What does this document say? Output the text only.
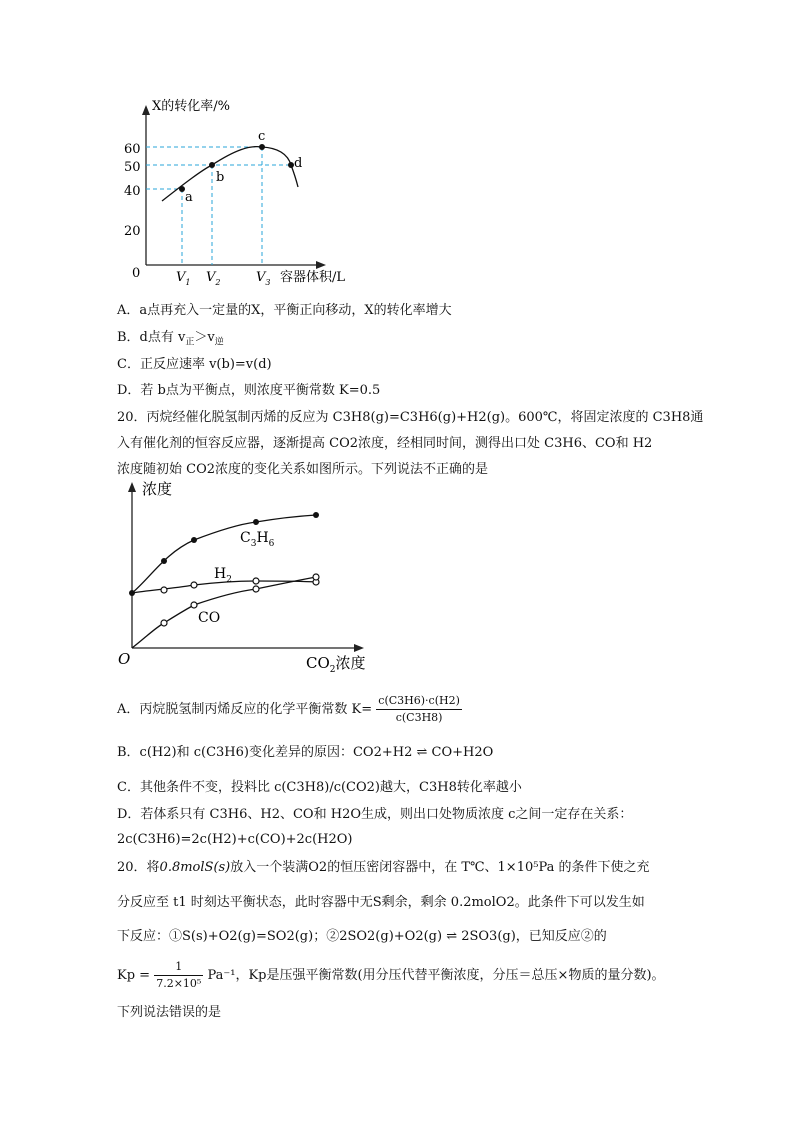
X的转化率/%
0
60
50
40
20
a
b
c
d
$V_1$ $V_2$	$V_3$ 容器体积/L
A．a点再充入一定量的X，平衡正向移动，X的转化率增大
B．d点有 $v_正>v_逆$
C．正反应速率 v(b)=v(d)
D．若 b点为平衡点，则浓度平衡常数 K=0.5
20．丙烷经催化脱氢制丙烯的反应为 C3H8(g)=C3H6(g)+H2(g)。600℃，将固定浓度的 C3H8通
入有催化剂的恒容反应器，逐渐提高 CO2浓度，经相同时间，测得出口处 C3H6、CO和 H2
浓度随初始 CO2浓度的变化关系如图所示。下列说法不正确的是
浓度
O	$CO_2$浓度
$C_3H_6$
$H_2$
CO
A．丙烷脱氢制丙烯反应的化学平衡常数 $K= \frac{c(C3H6)\cdot c(H2)}{c(C3H8)}$
B．c(H2)和 c(C3H6)变化差异的原因：CO2+H2 ⇌ CO+H2O
C．其他条件不变，投料比 c(C3H8)/c(CO2)越大，C3H8转化率越小
D．若体系只有 C3H6、H2、CO和 H2O生成，则出口处物质浓度 c之间一定存在关系：
2c(C3H6)=2c(H2)+c(CO)+2c(H2O)
20．将0.8molS(s)放入一个装满O2的恒压密闭容器中，在 T℃、1×10⁵Pa 的条件下使之充
分反应至 t1 时刻达平衡状态，此时容器中无S剩余，剩余 0.2molO2。此条件下可以发生如
下反应：①S(s)+O2(g)=SO2(g)；②2SO2(g)+O2(g) ⇌ 2SO3(g)，已知反应②的
$Kp = \frac{1}{\text{7.2×10⁵}} Pa^{-1}$，Kp是压强平衡常数(用分压代替平衡浓度，分压＝总压×物质的量分数)。
下列说法错误的是
